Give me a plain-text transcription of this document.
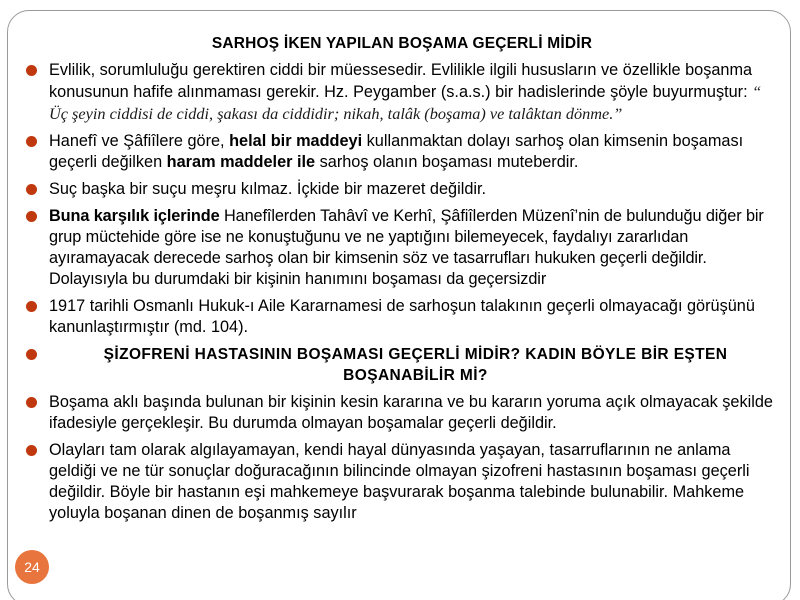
SARHOŞ İKEN YAPILAN BOŞAMA GEÇERLİ MİDİR
Evlilik, sorumluluğu gerektiren ciddi bir müessesedir. Evlilikle ilgili hususların ve özellikle boşanma konusunun hafife alınmaması gerekir. Hz. Peygamber (s.a.s.) bir hadislerinde şöyle buyurmuştur: “ Üç şeyin ciddisi de ciddi, şakası da ciddidir; nikah, talâk (boşama) ve talâktan dönme.”
Hanefî ve Şâfiîlere göre, helal bir maddeyi kullanmaktan dolayı sarhoş olan kimsenin boşaması geçerli değilken haram maddeler ile sarhoş olanın boşaması muteberdir.
Suç başka bir suçu meşru kılmaz. İçkide bir mazeret değildir.
Buna karşılık içlerinde Hanefîlerden Tahâvî ve Kerhî, Şâfiîlerden Müzenî’nin de bulunduğu diğer bir grup müctehide göre ise ne konuştuğunu ve ne yaptığını bilemeyecek, faydalıyı zararlıdan ayıramayacak derecede sarhoş olan bir kimsenin söz ve tasarrufları hukuken geçerli değildir. Dolayısıyla bu durumdaki bir kişinin hanımını boşaması da geçersizdir
1917 tarihli Osmanlı Hukuk-ı Aile Kararnamesi de sarhoşun talakının geçerli olmayacağı görüşünü kanunlaştırmıştır (md. 104).
ŞİZOFRENİ HASTASININ BOŞAMASI GEÇERLİ MİDİR? KADIN BÖYLE BİR EŞTEN BOŞANABİLİR Mİ?
Boşama aklı başında bulunan bir kişinin kesin kararına ve bu kararın yoruma açık olmayacak şekilde ifadesiyle gerçekleşir. Bu durumda olmayan boşamalar geçerli değildir.
Olayları tam olarak algılayamayan, kendi hayal dünyasında yaşayan, tasarruflarının ne anlama geldiği ve ne tür sonuçlar doğuracağının bilincinde olmayan şizofreni hastasının boşaması geçerli değildir. Böyle bir hastanın eşi mahkemeye başvurarak boşanma talebinde bulunabilir. Mahkeme yoluyla boşanan dinen de boşanmış sayılır
24
